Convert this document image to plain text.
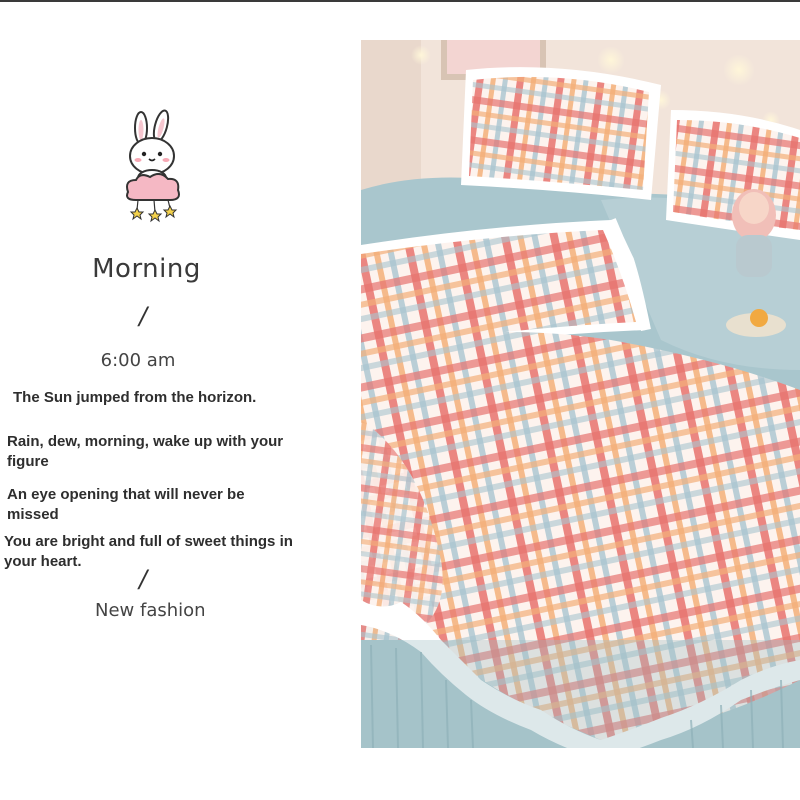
Morning
/
6:00 am
The Sun jumped from the horizon.
Rain, dew, morning, wake up with your figure
An eye opening that will never be missed
You are bright and full of sweet things in your heart.
/
New fashion
